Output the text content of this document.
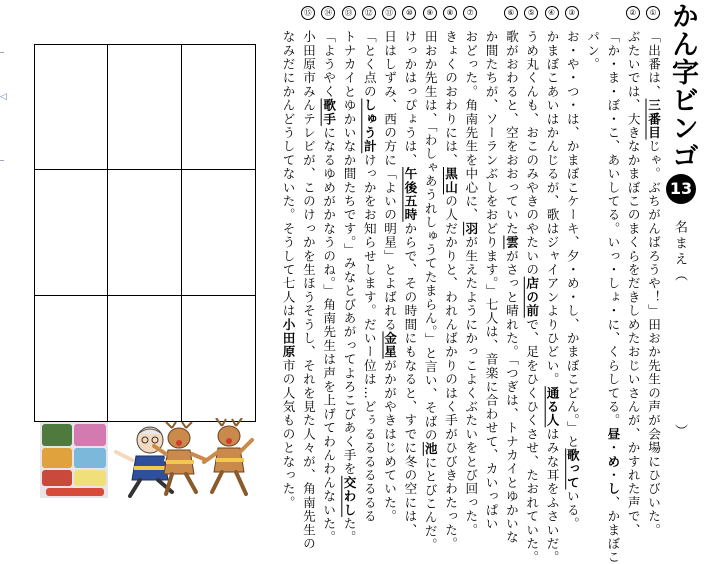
◁	かん字ビンゴ
13
名まえ（
）
①
「出番は、三番目じゃ。ぶちがんばろうや！」田おか先生の声が会場にひびいた。
②
ぶたいでは、大きなかまぼこのまくらをだきしめたおじいさんが、かすれた声で、
「か・ま・ぼ・こ、あいしてる。いっ・しょ・に、くらしてる。昼・め・し、かまぼこ
パン。
③
お・や・つ・は、かまぼこケーキ、夕・め・し、かまぼこどん。」と歌っている。
④
かまぼこあいはかんじるが、歌はジャイアンよりひどい。通る人はみな耳をふさいだ。
⑤
うめ丸くんも、おこのみやきのやたいの店の前で、足をひくひくさせ、たおれていた。
⑥
歌がおわると、空をおおっていた雲がさっと晴れた。「つぎは、トナカイとゆかいな
か間たちが、ソーランぶしをおどります。」七人は、音楽に合わせて、カいっぱい
⑦
おどった。角南先生を中心に、羽が生えたようにかっこよくぶたいをとび回った。
⑧
きょくのおわりには、黒山の人だかりと、われんばかりのはく手がひびきわたった。
⑨
田おか先生は、「わしゃあうれしゅうてたまらん。」と言い、そばの池にとびこんだ。
⑩
けっかはっぴょうは、午後五時からで、その時間にもなると、すでに冬の空には、
⑪
日はしずみ、西の方に「よいの明星」とよばれる金星がかがやきはじめていた。
⑫
「とく点のしゅう計けっかをお知らせします。だいー位は…どぅるるるるるるる
⑬
トナカイとゆかいなか間たちです。」みなとびあがってよろこびあく手を交わした。
⑭
「ようやく歌手になるゆめがかなうのね。」角南先生は声を上げてわんわんないた。
⑮
小田原市みんテレビが、このけっかを生ほうそうし、それを見た人々が、角南先生の
なみだにかんどうしてないた。そうして七人は小田原市の人気ものとなった。
